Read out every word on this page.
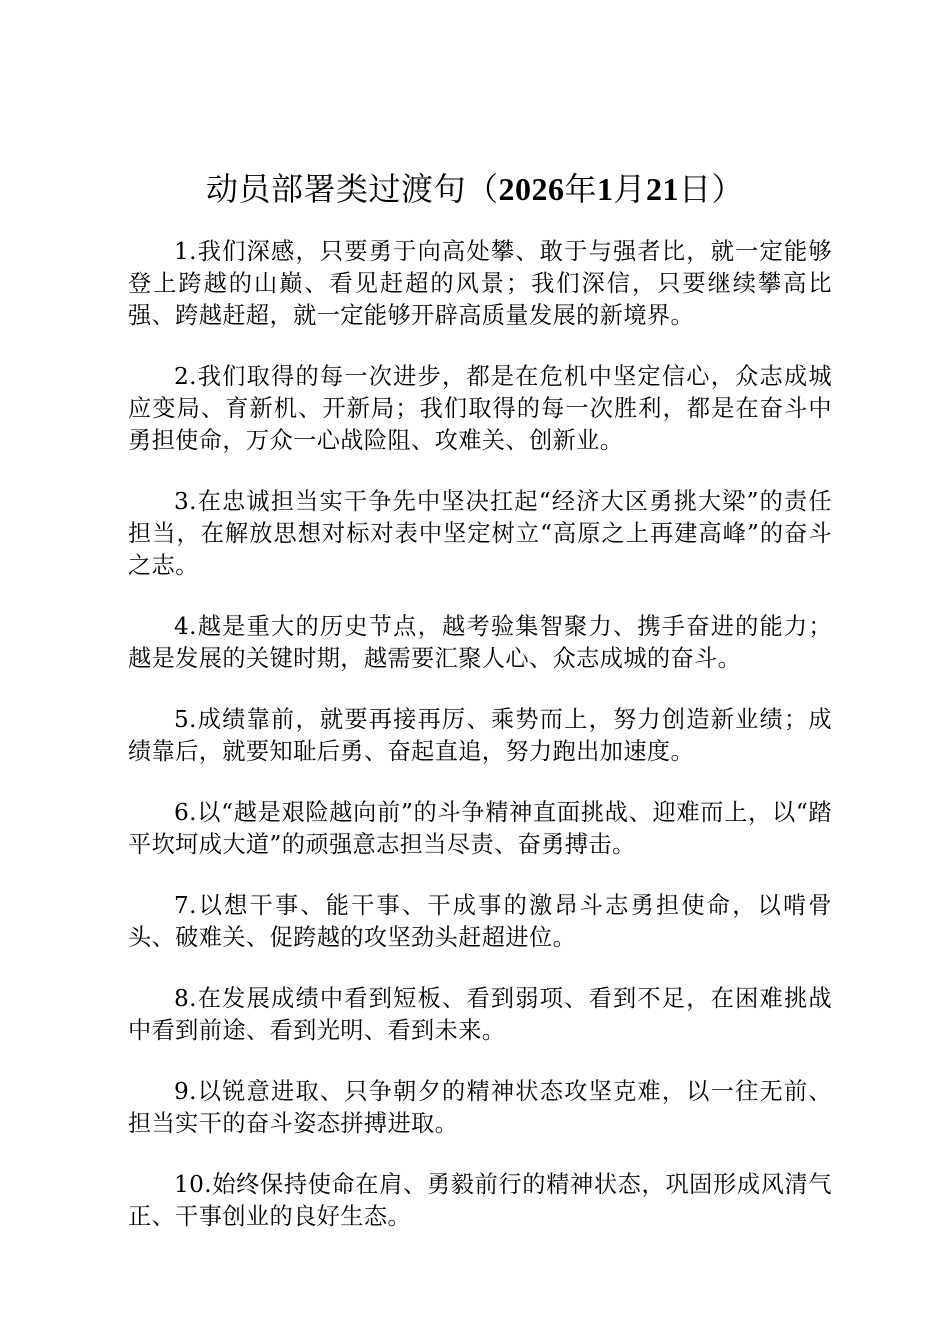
动员部署类过渡句（2026年1月21日）
1.我们深感，只要勇于向高处攀、敢于与强者比，就一定能够登上跨越的山巅、看见赶超的风景；我们深信，只要继续攀高比强、跨越赶超，就一定能够开辟高质量发展的新境界。
2.我们取得的每一次进步，都是在危机中坚定信心，众志成城应变局、育新机、开新局；我们取得的每一次胜利，都是在奋斗中勇担使命，万众一心战险阻、攻难关、创新业。
3.在忠诚担当实干争先中坚决扛起“经济大区勇挑大梁”的责任担当，在解放思想对标对表中坚定树立“高原之上再建高峰”的奋斗之志。
4.越是重大的历史节点，越考验集智聚力、携手奋进的能力；越是发展的关键时期，越需要汇聚人心、众志成城的奋斗。
5.成绩靠前，就要再接再厉、乘势而上，努力创造新业绩；成绩靠后，就要知耻后勇、奋起直追，努力跑出加速度。
6.以“越是艰险越向前”的斗争精神直面挑战、迎难而上，以“踏平坎坷成大道”的顽强意志担当尽责、奋勇搏击。
7.以想干事、能干事、干成事的激昂斗志勇担使命，以啃骨头、破难关、促跨越的攻坚劲头赶超进位。
8.在发展成绩中看到短板、看到弱项、看到不足，在困难挑战中看到前途、看到光明、看到未来。
9.以锐意进取、只争朝夕的精神状态攻坚克难，以一往无前、担当实干的奋斗姿态拼搏进取。
10.始终保持使命在肩、勇毅前行的精神状态，巩固形成风清气正、干事创业的良好生态。
